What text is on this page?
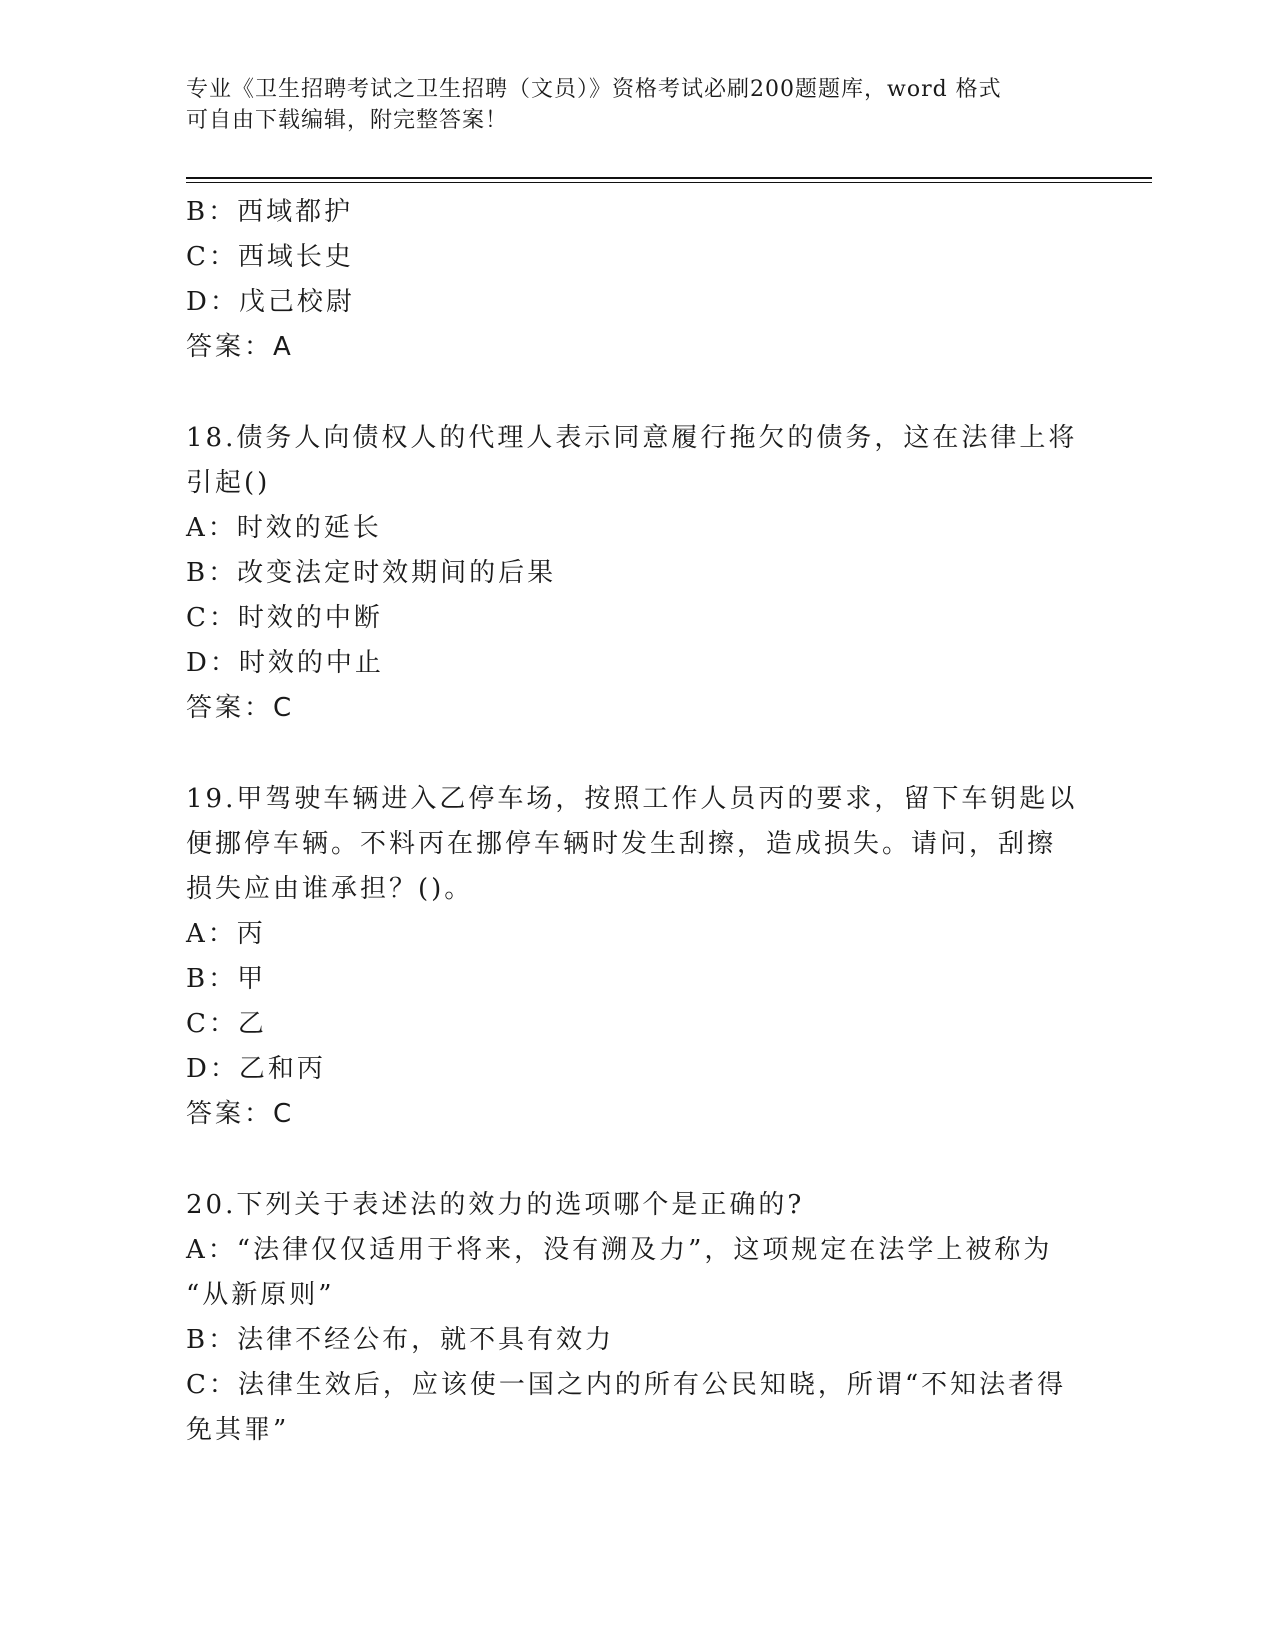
专业《卫生招聘考试之卫生招聘（文员）》资格考试必刷200题题库，word 格式
可自由下载编辑，附完整答案！
B：西域都护
C：西域长史
D：戊己校尉
答案：A
18.债务人向债权人的代理人表示同意履行拖欠的债务，这在法律上将
引起()
A：时效的延长
B：改变法定时效期间的后果
C：时效的中断
D：时效的中止
答案：C
19.甲驾驶车辆进入乙停车场，按照工作人员丙的要求，留下车钥匙以
便挪停车辆。不料丙在挪停车辆时发生刮擦，造成损失。请问，刮擦
损失应由谁承担？()。
A：丙
B：甲
C：乙
D：乙和丙
答案：C
20.下列关于表述法的效力的选项哪个是正确的?
A：“法律仅仅适用于将来，没有溯及力”，这项规定在法学上被称为
“从新原则”
B：法律不经公布，就不具有效力
C：法律生效后，应该使一国之内的所有公民知晓，所谓“不知法者得
免其罪”
